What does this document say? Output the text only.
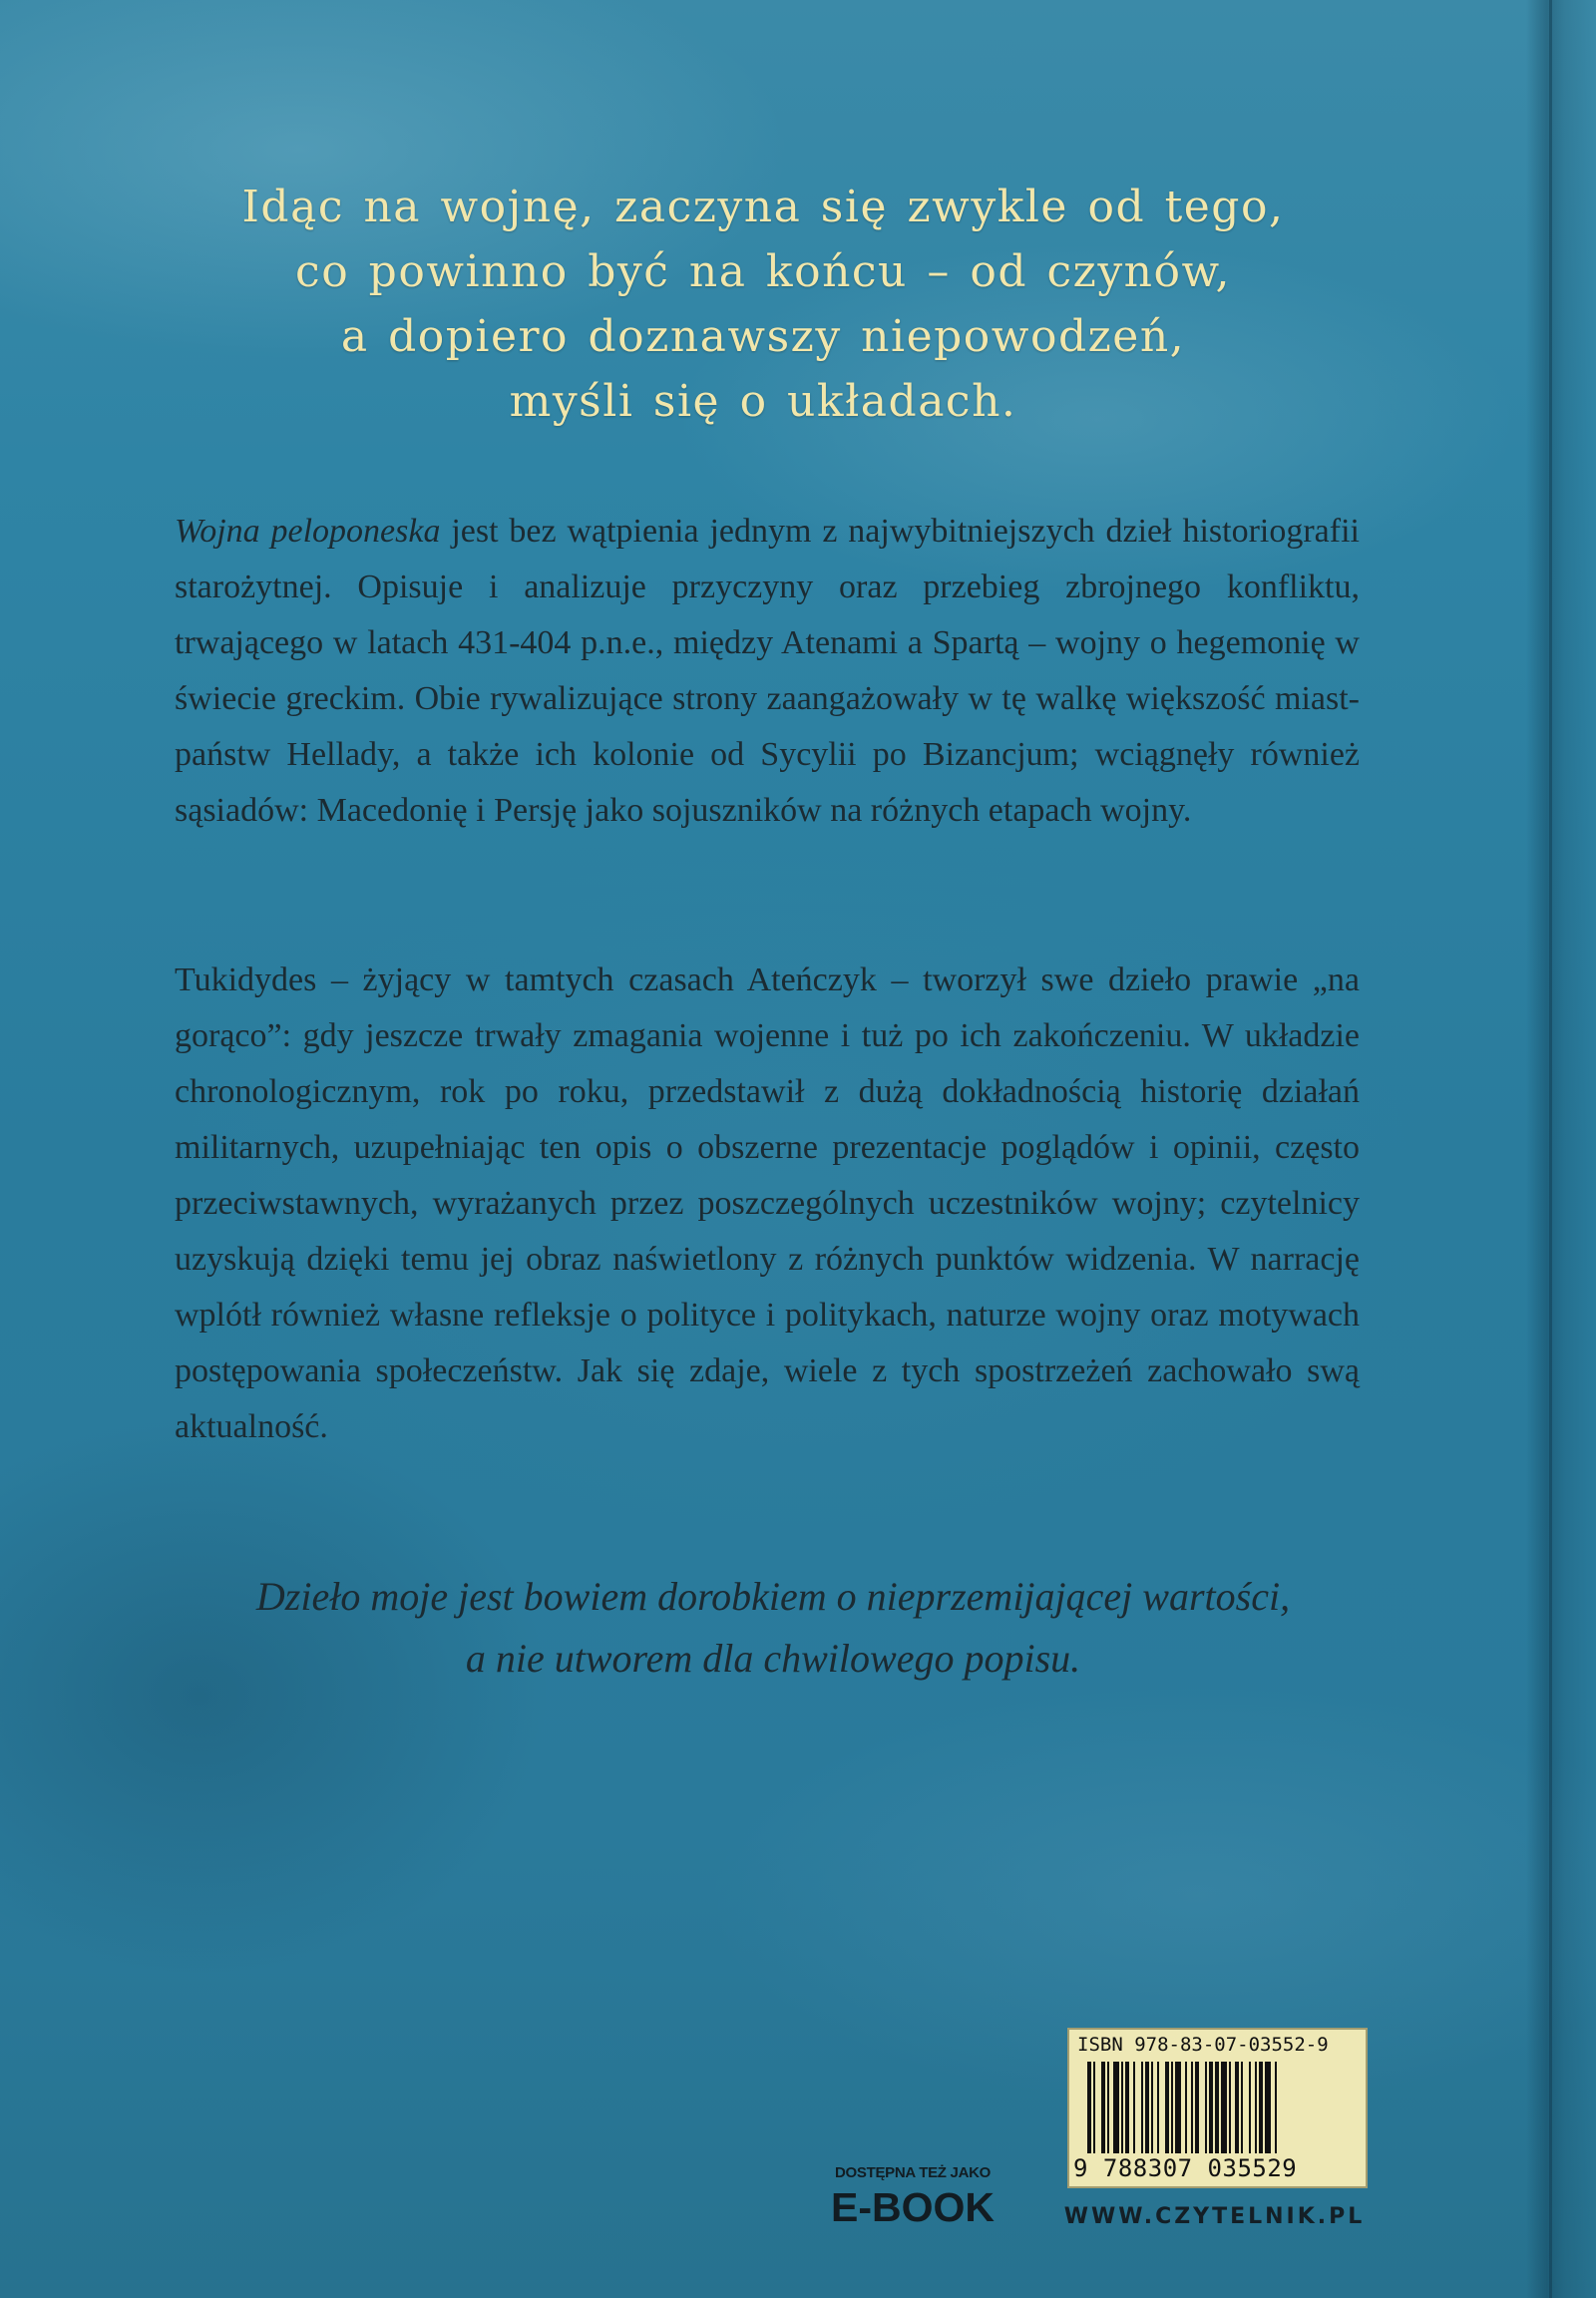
Idąc na wojnę, zaczyna się zwykle od tego,
co powinno być na końcu – od czynów,
a dopiero doznawszy niepowodzeń,
myśli się o układach.
Wojna peloponeska jest bez wątpienia jednym z najwybitniejszych dzieł historiografii starożytnej. Opisuje i analizuje przyczyny oraz przebieg zbrojnego konfliktu, trwającego w latach 431-404 p.n.e., między Atenami a Spartą – wojny o hegemonię w świecie greckim. Obie rywalizujące strony zaangażowały w tę walkę większość miast-państw Hellady, a także ich kolonie od Sycylii po Bizancjum; wciągnęły również sąsiadów: Macedonię i Persję jako sojuszników na różnych etapach wojny.
Tukidydes – żyjący w tamtych czasach Ateńczyk – tworzył swe dzieło prawie „na gorąco”: gdy jeszcze trwały zmagania wojenne i tuż po ich zakończeniu. W układzie chronologicznym, rok po roku, przedstawił z dużą dokładnością historię działań militarnych, uzupełniając ten opis o obszerne prezentacje poglądów i opinii, często przeciwstawnych, wyrażanych przez poszczególnych uczestników wojny; czytelnicy uzyskują dzięki temu jej obraz naświetlony z różnych punktów widzenia. W narrację wplótł również własne refleksje o polityce i politykach, naturze wojny oraz motywach postępowania społeczeństw. Jak się zdaje, wiele z tych spostrzeżeń zachowało swą aktualność.
Dzieło moje jest bowiem dorobkiem o nieprzemijającej wartości,
a nie utworem dla chwilowego popisu.
DOSTĘPNA TEŻ JAKO
E-BOOK
ISBN 978-83-07-03552-9
9 788307 035529
WWW.CZYTELNIK.PL
